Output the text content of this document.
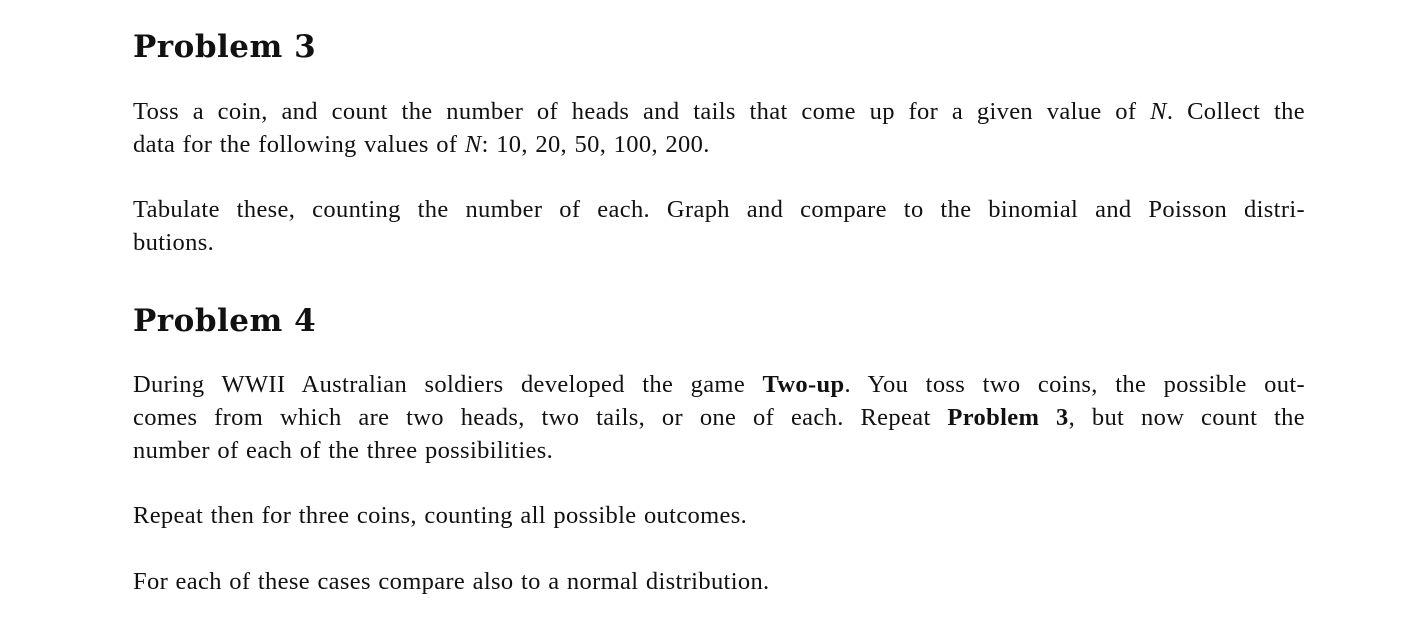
Problem 3

Toss a coin, and count the number of heads and tails that come up for a given value of N. Collect the
data for the following values of N: 10, 20, 50, 100, 200.

Tabulate these, counting the number of each. Graph and compare to the binomial and Poisson distri-
butions.

Problem 4

During WWII Australian soldiers developed the game Two-up. You toss two coins, the possible out-
comes from which are two heads, two tails, or one of each. Repeat Problem 3, but now count the
number of each of the three possibilities.

Repeat then for three coins, counting all possible outcomes.

For each of these cases compare also to a normal distribution.
